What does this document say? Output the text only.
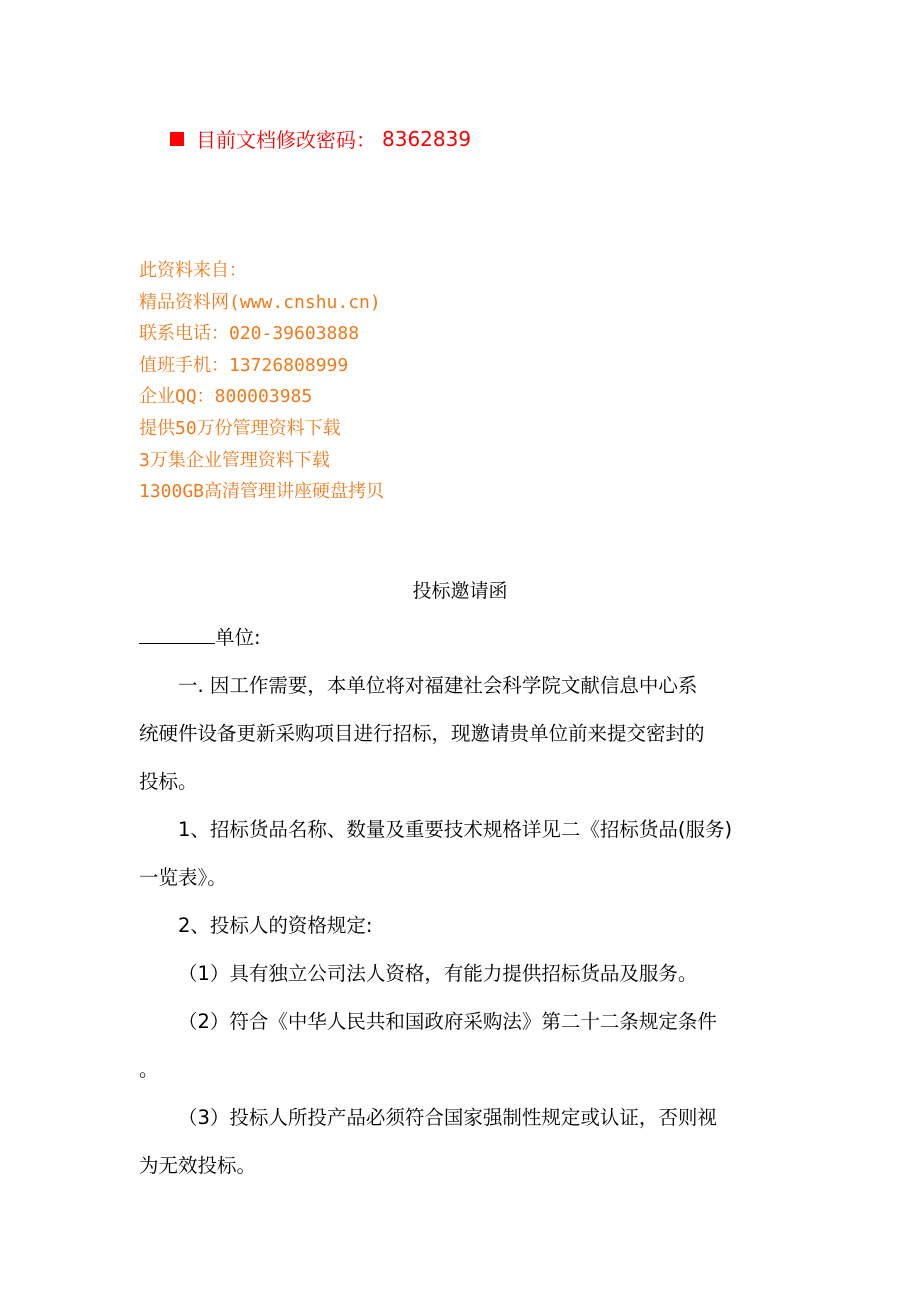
目前文档修改密码： 8362839
此资料来自：
精品资料网(www.cnshu.cn)
联系电话：020-39603888
值班手机：13726808999
企业QQ：800003985
提供50万份管理资料下载
3万集企业管理资料下载
1300GB高清管理讲座硬盘拷贝
投标邀请函

单位:

一. 因工作需要，本单位将对福建社会科学院文献信息中心系

统硬件设备更新采购项目进行招标，现邀请贵单位前来提交密封的

投标。

1、招标货品名称、数量及重要技术规格详见二《招标货品(服务)

一览表》。

2、投标人的资格规定:

（1）具有独立公司法人资格，有能力提供招标货品及服务。

（2）符合《中华人民共和国政府采购法》第二十二条规定条件

。

（3）投标人所投产品必须符合国家强制性规定或认证，否则视

为无效投标。
